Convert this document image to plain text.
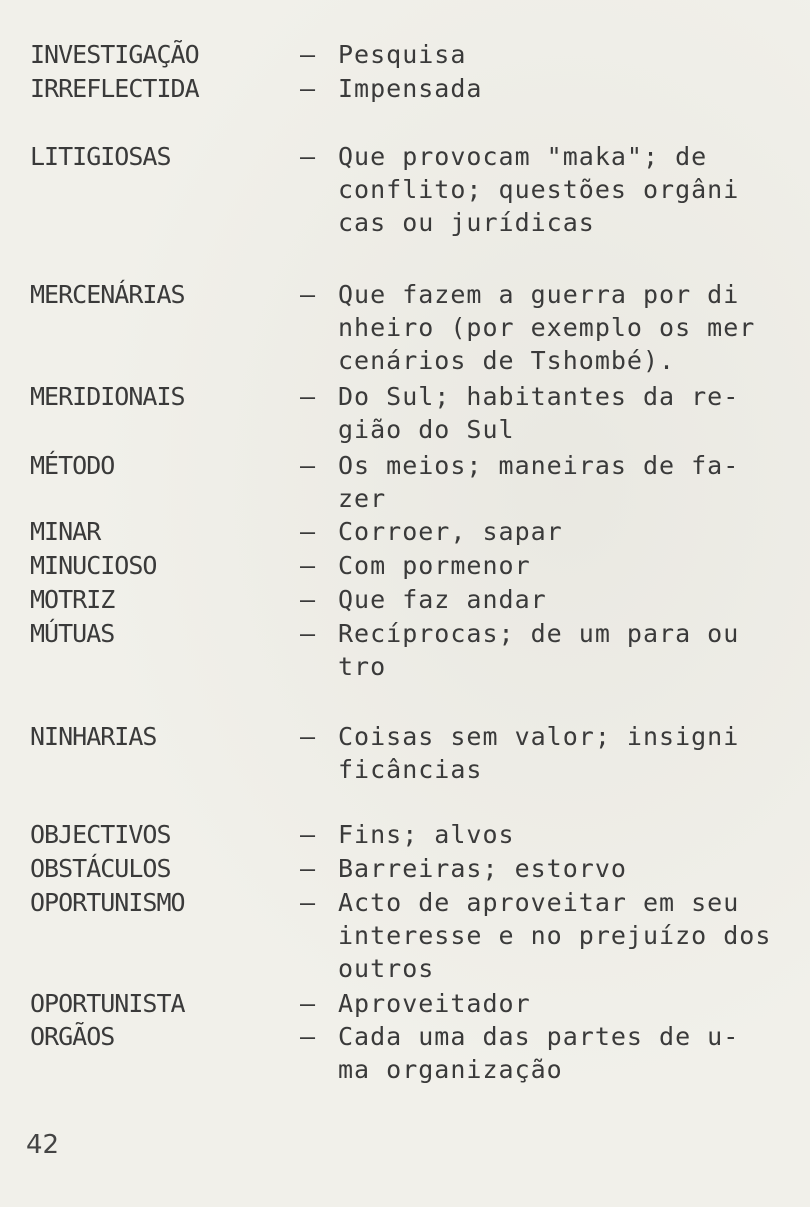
INVESTIGAÇÃO	– Pesquisa
IRREFLECTIDA	– Impensada
LITIGIOSAS	– Que provocam "maka"; de
conflito; questões orgâni
cas ou jurídicas
MERCENÁRIAS	– Que fazem a guerra por di
nheiro (por exemplo os mer
cenários de Tshombé).
MERIDIONAIS	– Do Sul; habitantes da re-
gião do Sul
MÉTODO	– Os meios; maneiras de fa-
zer
MINAR	– Corroer, sapar
MINUCIOSO	– Com pormenor
MOTRIZ	– Que faz andar
MÚTUAS	– Recíprocas; de um para ou
tro
NINHARIAS	– Coisas sem valor; insigni
ficâncias
OBJECTIVOS	– Fins; alvos
OBSTÁCULOS	– Barreiras; estorvo
OPORTUNISMO	– Acto de aproveitar em seu
interesse e no prejuízo dos
outros
OPORTUNISTA	– Aproveitador
ORGÃOS	– Cada uma das partes de u-
ma organização
42
